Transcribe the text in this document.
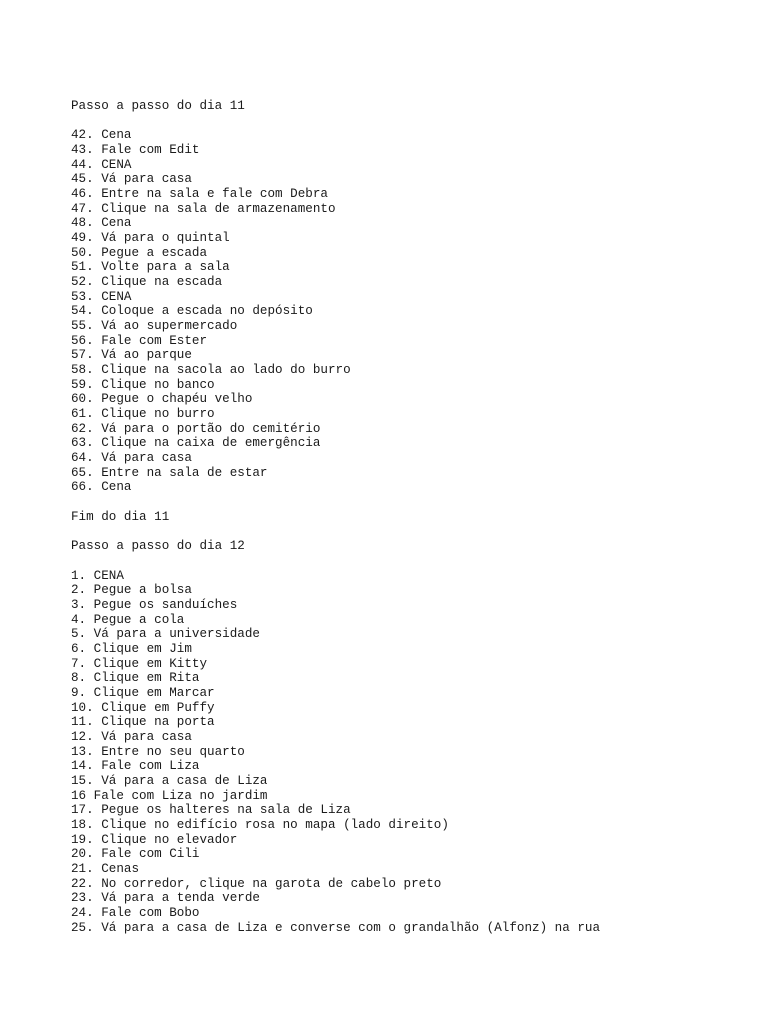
Passo a passo do dia 11
42. Cena
43. Fale com Edit
44. CENA
45. Vá para casa
46. Entre na sala e fale com Debra
47. Clique na sala de armazenamento
48. Cena
49. Vá para o quintal
50. Pegue a escada
51. Volte para a sala
52. Clique na escada
53. CENA
54. Coloque a escada no depósito
55. Vá ao supermercado
56. Fale com Ester
57. Vá ao parque
58. Clique na sacola ao lado do burro
59. Clique no banco
60. Pegue o chapéu velho
61. Clique no burro
62. Vá para o portão do cemitério
63. Clique na caixa de emergência
64. Vá para casa
65. Entre na sala de estar
66. Cena
Fim do dia 11
Passo a passo do dia 12
1. CENA
2. Pegue a bolsa
3. Pegue os sanduíches
4. Pegue a cola
5. Vá para a universidade
6. Clique em Jim
7. Clique em Kitty
8. Clique em Rita
9. Clique em Marcar
10. Clique em Puffy
11. Clique na porta
12. Vá para casa
13. Entre no seu quarto
14. Fale com Liza
15. Vá para a casa de Liza
16 Fale com Liza no jardim
17. Pegue os halteres na sala de Liza
18. Clique no edifício rosa no mapa (lado direito)
19. Clique no elevador
20. Fale com Cili
21. Cenas
22. No corredor, clique na garota de cabelo preto
23. Vá para a tenda verde
24. Fale com Bobo
25. Vá para a casa de Liza e converse com o grandalhão (Alfonz) na rua
